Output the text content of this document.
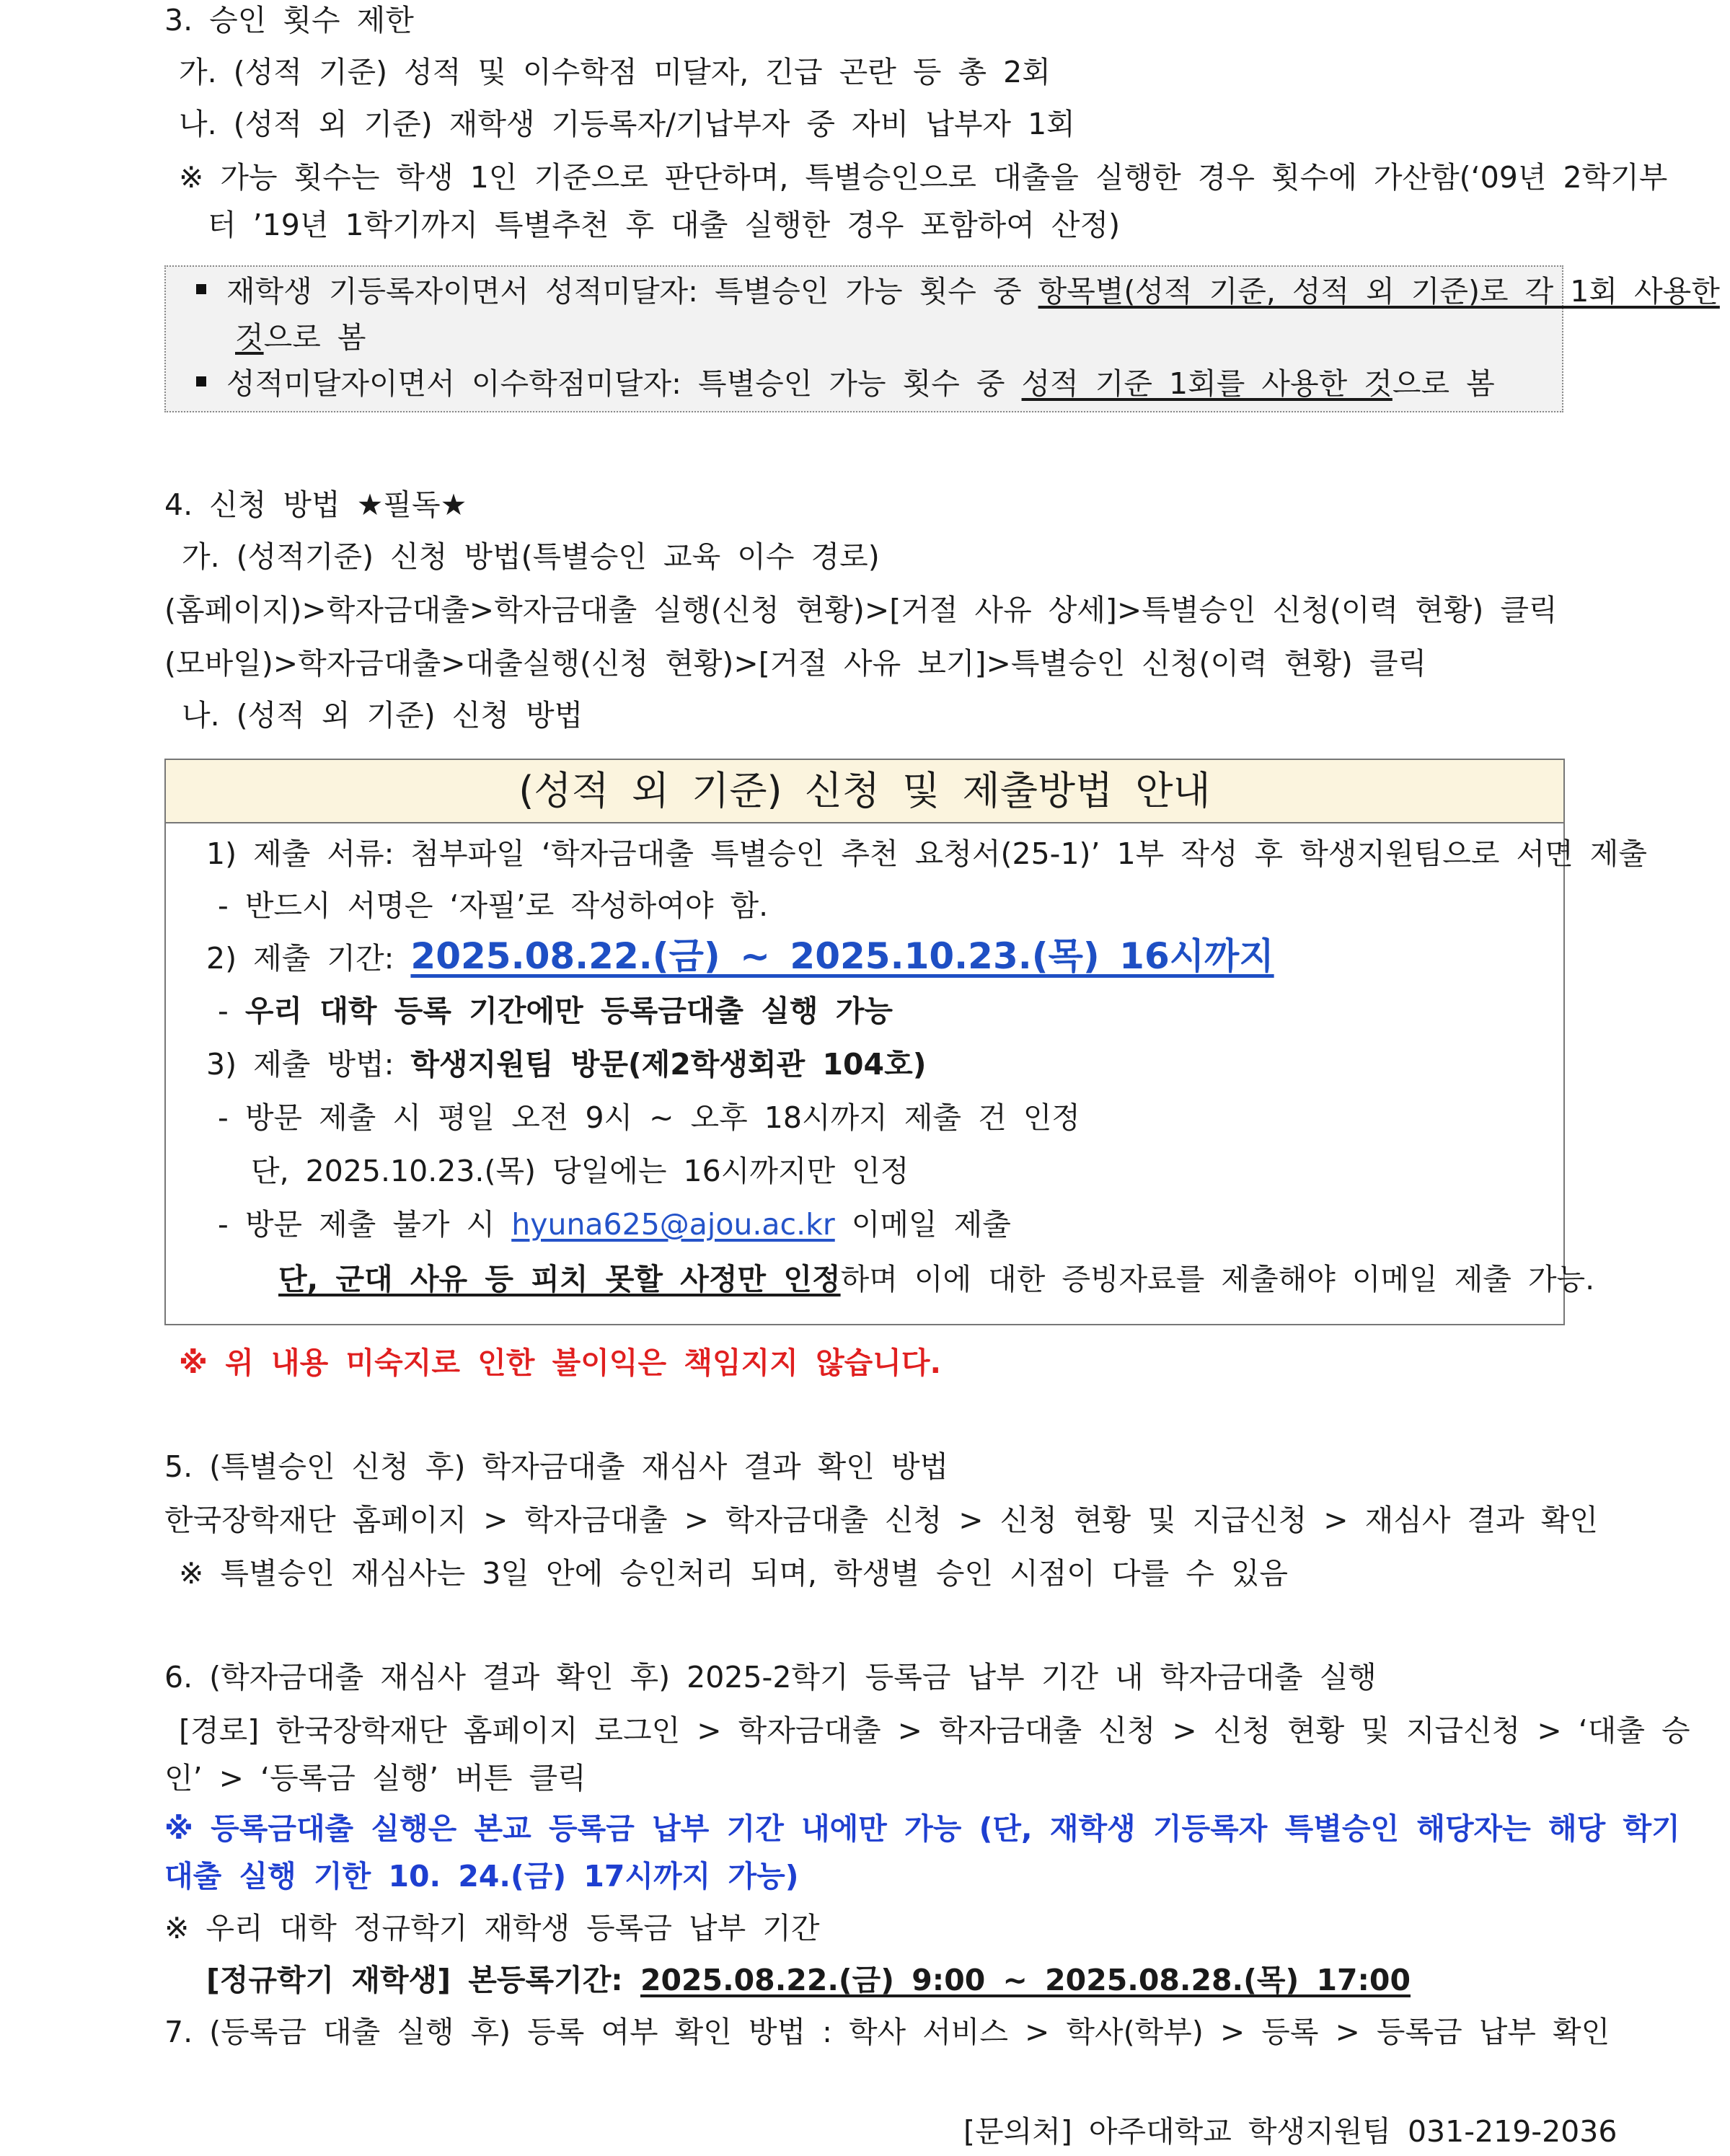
3. 승인 횟수 제한
가. (성적 기준) 성적 및 이수학점 미달자, 긴급 곤란 등 총 2회
나. (성적 외 기준) 재학생 기등록자/기납부자 중 자비 납부자 1회
※ 가능 횟수는 학생 1인 기준으로 판단하며, 특별승인으로 대출을 실행한 경우 횟수에 가산함(‘09년 2학기부
터 ’19년 1학기까지 특별추천 후 대출 실행한 경우 포함하여 산정)
재학생 기등록자이면서 성적미달자: 특별승인 가능 횟수 중 항목별(성적 기준, 성적 외 기준)로 각 1회 사용한
것으로 봄
성적미달자이면서 이수학점미달자: 특별승인 가능 횟수 중 성적 기준 1회를 사용한 것으로 봄
4. 신청 방법 ★필독★
가. (성적기준) 신청 방법(특별승인 교육 이수 경로)
(홈페이지)>학자금대출>학자금대출 실행(신청 현황)>[거절 사유 상세]>특별승인 신청(이력 현황) 클릭
(모바일)>학자금대출>대출실행(신청 현황)>[거절 사유 보기]>특별승인 신청(이력 현황) 클릭
나. (성적 외 기준) 신청 방법
(성적 외 기준) 신청 및 제출방법 안내
1) 제출 서류: 첨부파일 ‘학자금대출 특별승인 추천 요청서(25-1)’ 1부 작성 후 학생지원팀으로 서면 제출
- 반드시 서명은 ‘자필’로 작성하여야 함.
2) 제출 기간: 2025.08.22.(금) ~ 2025.10.23.(목) 16시까지
- 우리 대학 등록 기간에만 등록금대출 실행 가능
3) 제출 방법: 학생지원팀 방문(제2학생회관 104호)
- 방문 제출 시 평일 오전 9시 ~ 오후 18시까지 제출 건 인정
단, 2025.10.23.(목) 당일에는 16시까지만 인정
- 방문 제출 불가 시 hyuna625@ajou.ac.kr 이메일 제출
단, 군대 사유 등 피치 못할 사정만 인정하며 이에 대한 증빙자료를 제출해야 이메일 제출 가능.
※ 위 내용 미숙지로 인한 불이익은 책임지지 않습니다.
5. (특별승인 신청 후) 학자금대출 재심사 결과 확인 방법
한국장학재단 홈페이지 > 학자금대출 > 학자금대출 신청 > 신청 현황 및 지급신청 > 재심사 결과 확인
※ 특별승인 재심사는 3일 안에 승인처리 되며, 학생별 승인 시점이 다를 수 있음
6. (학자금대출 재심사 결과 확인 후) 2025-2학기 등록금 납부 기간 내 학자금대출 실행
[경로] 한국장학재단 홈페이지 로그인 > 학자금대출 > 학자금대출 신청 > 신청 현황 및 지급신청 > ‘대출 승
인’ > ‘등록금 실행’ 버튼 클릭
※ 등록금대출 실행은 본교 등록금 납부 기간 내에만 가능 (단, 재학생 기등록자 특별승인 해당자는 해당 학기
대출 실행 기한 10. 24.(금) 17시까지 가능)
※ 우리 대학 정규학기 재학생 등록금 납부 기간
[정규학기 재학생] 본등록기간: 2025.08.22.(금) 9:00 ~ 2025.08.28.(목) 17:00
7. (등록금 대출 실행 후) 등록 여부 확인 방법 : 학사 서비스 > 학사(학부) > 등록 > 등록금 납부 확인
[문의처] 아주대학교 학생지원팀 031-219-2036
